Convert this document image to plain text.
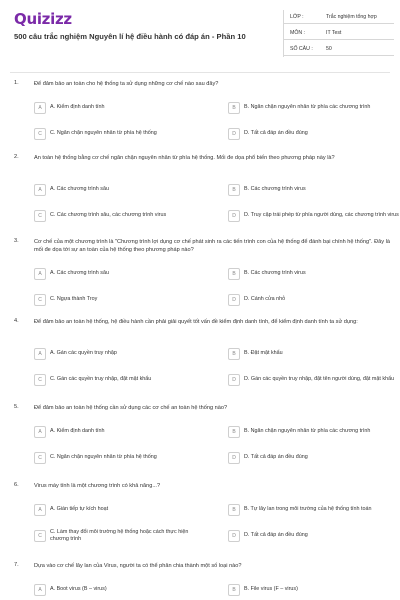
Quizizz
500 câu trắc nghiệm Nguyên lí hệ điều hành có đáp án - Phần 10
LỚP :	Trắc nghiệm tổng hợp
MÔN :	IT Test
SỐ CÂU :	50
1.	Để đảm bảo an toàn cho hệ thống ta sử dụng những cơ chế nào sau đây?
A	A. Kiểm định danh tính	B	B. Ngăn chặn nguyên nhân từ phía các chương trình
C	C. Ngăn chặn nguyên nhân từ phía hệ thống	D	D. Tất cả đáp án đều đúng
2.	An toàn hệ thống bằng cơ chế ngăn chặn nguyên nhân từ phía hệ thống. Mối đe dọa phổ biến theo phương pháp này là?
A	A. Các chương trình sâu	B	B. Các chương trình virus
C	C. Các chương trình sâu, các chương trình virus	D	D. Truy cập trái phép từ phía người dùng, các chương trình virus
3.	Cơ chế của một chương trình là "Chương trình lợi dụng cơ chế phát sinh ra các tiến trình con của hệ thống để đánh bại chính hệ thống". Đây là mối đe dọa tới sự an toàn của hệ thống theo phương pháp nào?
A	A. Các chương trình sâu	B	B. Các chương trình virus
C	C. Ngựa thành Troy	D	D. Cánh cửa nhỏ
4.	Để đảm bảo an toàn hệ thống, hệ điều hành cần phải giải quyết tốt vấn đề kiểm định danh tính, để kiểm định danh tính ta sử dụng:
A	A. Gán các quyền truy nhập	B	B. Đặt mật khẩu
C	C. Gán các quyền truy nhập, đặt mật khẩu	D	D. Gán các quyền truy nhập, đặt tên người dùng, đặt mật khẩu
5.	Để đảm bảo an toàn hệ thống cần sử dụng các cơ chế an toàn hệ thống nào?
A	A. Kiểm định danh tính	B	B. Ngăn chặn nguyên nhân từ phía các chương trình
C	C. Ngăn chặn nguyên nhân từ phía hệ thống	D	D. Tất cả đáp án đều đúng
6.	Virus máy tính là một chương trình có khả năng...?
A	A. Gián tiếp tự kích hoạt	B	B. Tự lây lan trong môi trường của hệ thống tính toán
C
C. Làm thay đổi môi trường hệ thống hoặc cách thực hiện chương trình	D	D. Tất cả đáp án đều đúng
7.	Dựa vào cơ chế lây lan của Virus, người ta có thể phân chia thành một số loại nào?
A	A. Boot virus (B – virus)	B	B. File virus (F – virus)
